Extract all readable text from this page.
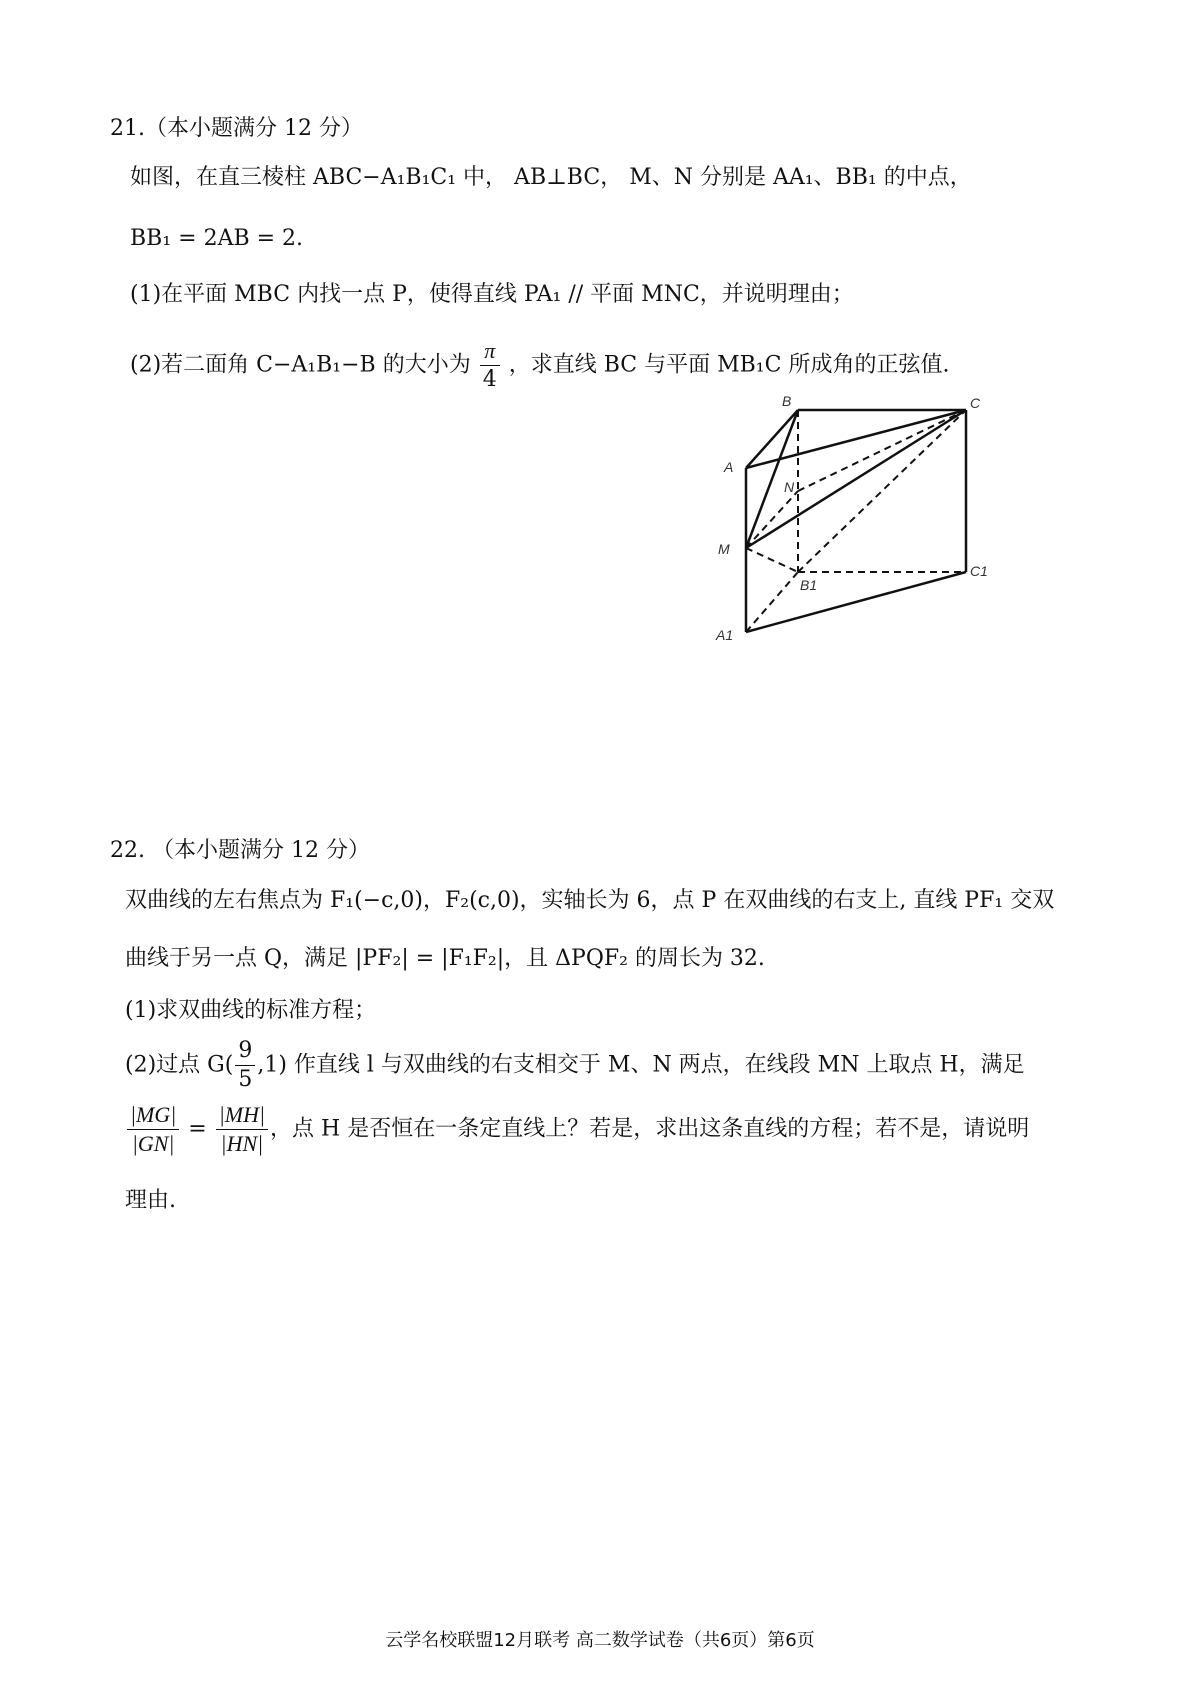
21.（本小题满分 12 分）
如图，在直三棱柱 ABC−A₁B₁C₁ 中， AB⊥BC， M、N 分别是 AA₁、BB₁ 的中点，
BB₁ = 2AB = 2.
(1)在平面 MBC 内找一点 P，使得直线 PA₁ // 平面 MNC，并说明理由；
(2)若二面角 C−A₁B₁−B 的大小为 $\frac{\pi}{4}$ ，求直线 BC 与平面 MB₁C 所成角的正弦值.
B	C
A
N
M
B1
C1
A1
22. （本小题满分 12 分）
双曲线的左右焦点为 F₁(−c,0)，F₂(c,0)，实轴长为 6，点 P 在双曲线的右支上, 直线 PF₁ 交双
曲线于另一点 Q，满足 |PF₂| = |F₁F₂|，且 ΔPQF₂ 的周长为 32.
(1)求双曲线的标准方程；
(2)过点 $G( \frac{9}{5} ,1)$ 作直线 l 与双曲线的右支相交于 M、N 两点，在线段 MN 上取点 H，满足
$\frac{|MG|}{|GN|} = \frac{|MH|}{|HN|}$ ，点 H 是否恒在一条定直线上？若是，求出这条直线的方程；若不是，请说明
理由.
云学名校联盟12月联考 高二数学试卷（共6页）第6页
